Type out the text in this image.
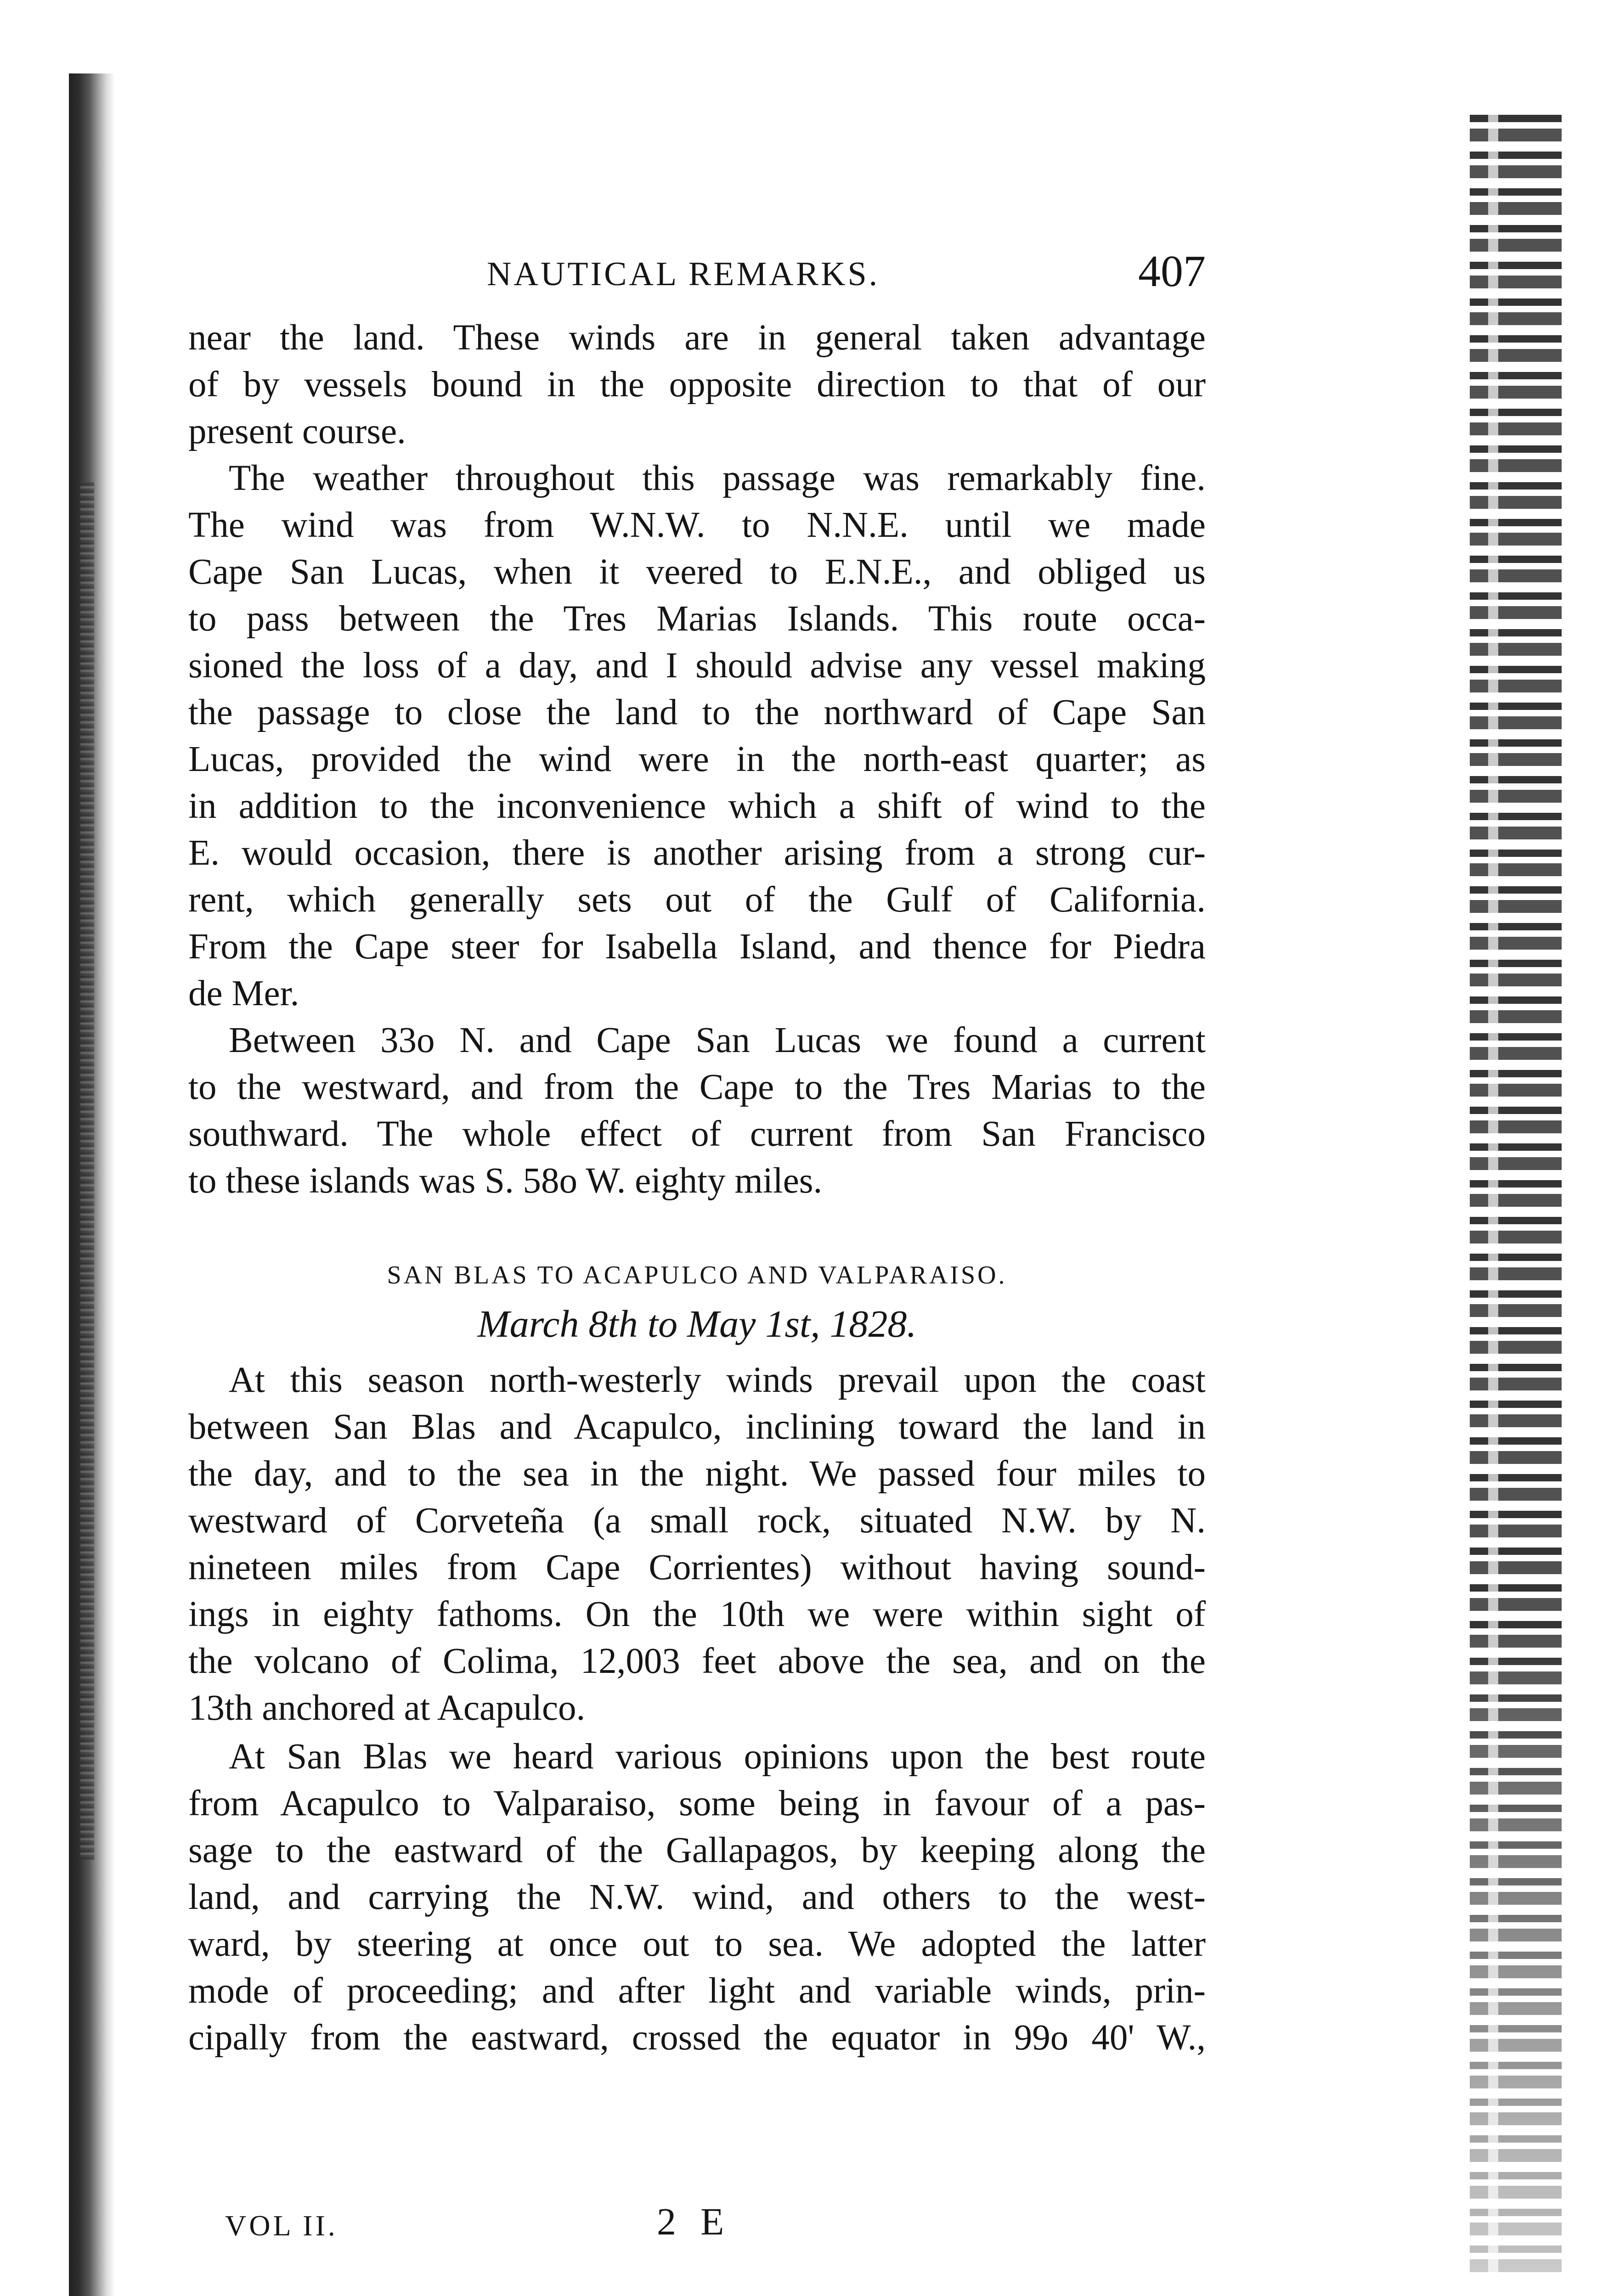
NAUTICAL REMARKS.	407
near the land. These winds are in general taken advantage
of by vessels bound in the opposite direction to that of our
present course.
The weather throughout this passage was remarkably fine.
The wind was from W.N.W. to N.N.E. until we made
Cape San Lucas, when it veered to E.N.E., and obliged us
to pass between the Tres Marias Islands. This route occa-
sioned the loss of a day, and I should advise any vessel making
the passage to close the land to the northward of Cape San
Lucas, provided the wind were in the north-east quarter; as
in addition to the inconvenience which a shift of wind to the
E. would occasion, there is another arising from a strong cur-
rent, which generally sets out of the Gulf of California.
From the Cape steer for Isabella Island, and thence for Piedra
de Mer.
Between 33o N. and Cape San Lucas we found a current
to the westward, and from the Cape to the Tres Marias to the
southward. The whole effect of current from San Francisco
to these islands was S. 58o W. eighty miles.
SAN BLAS TO ACAPULCO AND VALPARAISO.
March 8th to May 1st, 1828.
At this season north-westerly winds prevail upon the coast
between San Blas and Acapulco, inclining toward the land in
the day, and to the sea in the night. We passed four miles to
westward of Corveteña (a small rock, situated N.W. by N.
nineteen miles from Cape Corrientes) without having sound-
ings in eighty fathoms. On the 10th we were within sight of
the volcano of Colima, 12,003 feet above the sea, and on the
13th anchored at Acapulco.
At San Blas we heard various opinions upon the best route
from Acapulco to Valparaiso, some being in favour of a pas-
sage to the eastward of the Gallapagos, by keeping along the
land, and carrying the N.W. wind, and others to the west-
ward, by steering at once out to sea. We adopted the latter
mode of proceeding; and after light and variable winds, prin-
cipally from the eastward, crossed the equator in 99o 40' W.,
VOL II.	2 E
